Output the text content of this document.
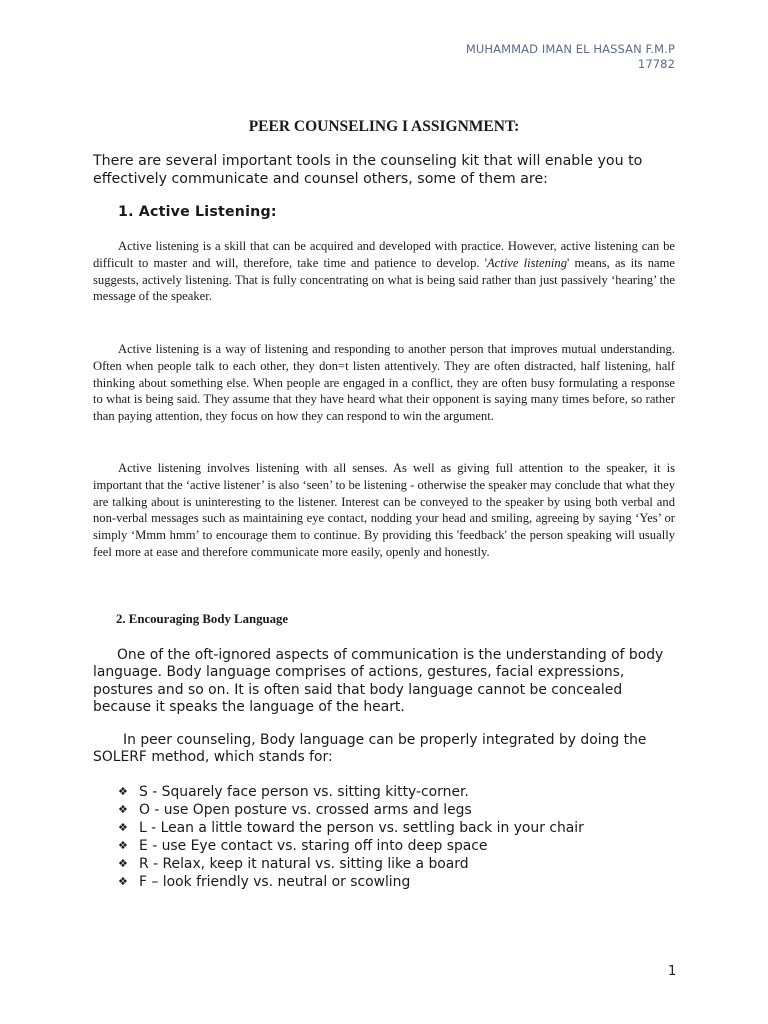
MUHAMMAD IMAN EL HASSAN F.M.P
17782
PEER COUNSELING I ASSIGNMENT:
There are several important tools in the counseling kit that will enable you to effectively communicate and counsel others, some of them are:
1. Active Listening:
Active listening is a skill that can be acquired and developed with practice. However, active listening can be difficult to master and will, therefore, take time and patience to develop. 'Active listening' means, as its name suggests, actively listening. That is fully concentrating on what is being said rather than just passively ‘hearing’ the message of the speaker.
Active listening is a way of listening and responding to another person that improves mutual understanding. Often when people talk to each other, they don=t listen attentively. They are often distracted, half listening, half thinking about something else. When people are engaged in a conflict, they are often busy formulating a response to what is being said. They assume that they have heard what their opponent is saying many times before, so rather than paying attention, they focus on how they can respond to win the argument.
Active listening involves listening with all senses. As well as giving full attention to the speaker, it is important that the ‘active listener’ is also ‘seen’ to be listening - otherwise the speaker may conclude that what they are talking about is uninteresting to the listener. Interest can be conveyed to the speaker by using both verbal and non-verbal messages such as maintaining eye contact, nodding your head and smiling, agreeing by saying ‘Yes’ or simply ‘Mmm hmm’ to encourage them to continue. By providing this 'feedback' the person speaking will usually feel more at ease and therefore communicate more easily, openly and honestly.
2. Encouraging Body Language
One of the oft-ignored aspects of communication is the understanding of body language. Body language comprises of actions, gestures, facial expressions, postures and so on. It is often said that body language cannot be concealed because it speaks the language of the heart.
In peer counseling, Body language can be properly integrated by doing the SOLERF method, which stands for:
❖ S - Squarely face person vs. sitting kitty-corner.
❖ O - use Open posture vs. crossed arms and legs
❖ L - Lean a little toward the person vs. settling back in your chair
❖ E - use Eye contact vs. staring off into deep space
❖ R - Relax, keep it natural vs. sitting like a board
❖ F – look friendly vs. neutral or scowling
1
